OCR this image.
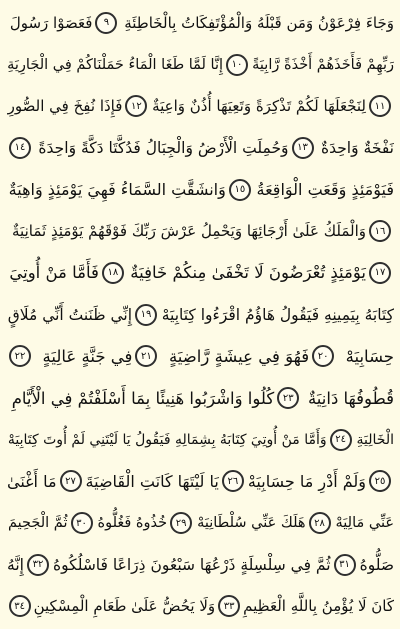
وَجَاءَ فِرْعَوْنُ وَمَن قَبْلَهُ وَالْمُؤْتَفِكَاتُ بِالْخَاطِئَةِ
٩
فَعَصَوْا رَسُولَ
رَبِّهِمْ فَأَخَذَهُمْ أَخْذَةً رَّابِيَةً
١٠
إِنَّا لَمَّا طَغَا الْمَاءُ حَمَلْنَاكُمْ فِي الْجَارِيَةِ
١١
لِنَجْعَلَهَا لَكُمْ تَذْكِرَةً وَتَعِيَهَا أُذُنٌ وَاعِيَةٌ
١٢
فَإِذَا نُفِخَ فِي الصُّورِ
نَفْخَةٌ وَاحِدَةٌ
١٣
وَحُمِلَتِ الْأَرْضُ وَالْجِبَالُ فَدُكَّتَا دَكَّةً وَاحِدَةً
١٤
فَيَوْمَئِذٍ وَقَعَتِ الْوَاقِعَةُ
١٥
وَانشَقَّتِ السَّمَاءُ فَهِيَ يَوْمَئِذٍ وَاهِيَةٌ
١٦
وَالْمَلَكُ عَلَىٰ أَرْجَائِهَا وَيَحْمِلُ عَرْشَ رَبِّكَ فَوْقَهُمْ يَوْمَئِذٍ ثَمَانِيَةٌ
١٧
يَوْمَئِذٍ تُعْرَضُونَ لَا تَخْفَىٰ مِنكُمْ خَافِيَةٌ
١٨
فَأَمَّا مَنْ أُوتِيَ
كِتَابَهُ بِيَمِينِهِ فَيَقُولُ هَاؤُمُ اقْرَءُوا كِتَابِيَهْ
١٩
إِنِّي ظَنَنتُ أَنِّي مُلَاقٍ
حِسَابِيَهْ
٢٠
فَهُوَ فِي عِيشَةٍ رَّاضِيَةٍ
٢١
فِي جَنَّةٍ عَالِيَةٍ
٢٢
قُطُوفُهَا دَانِيَةٌ
٢٣
كُلُوا وَاشْرَبُوا هَنِيئًا بِمَا أَسْلَفْتُمْ فِي الْأَيَّامِ
الْخَالِيَةِ
٢٤
وَأَمَّا مَنْ أُوتِيَ كِتَابَهُ بِشِمَالِهِ فَيَقُولُ يَا لَيْتَنِي لَمْ أُوتَ كِتَابِيَهْ
٢٥
وَلَمْ أَدْرِ مَا حِسَابِيَهْ
٢٦
يَا لَيْتَهَا كَانَتِ الْقَاضِيَةَ
٢٧
مَا أَغْنَىٰ
عَنِّي مَالِيَهْ
٢٨
هَلَكَ عَنِّي سُلْطَانِيَهْ
٢٩
خُذُوهُ فَغُلُّوهُ
٣٠
ثُمَّ الْجَحِيمَ
صَلُّوهُ
٣١
ثُمَّ فِي سِلْسِلَةٍ ذَرْعُهَا سَبْعُونَ ذِرَاعًا فَاسْلُكُوهُ
٣٢
إِنَّهُ
كَانَ لَا يُؤْمِنُ بِاللَّهِ الْعَظِيمِ
٣٣
وَلَا يَحُضُّ عَلَىٰ طَعَامِ الْمِسْكِينِ
٣٤
